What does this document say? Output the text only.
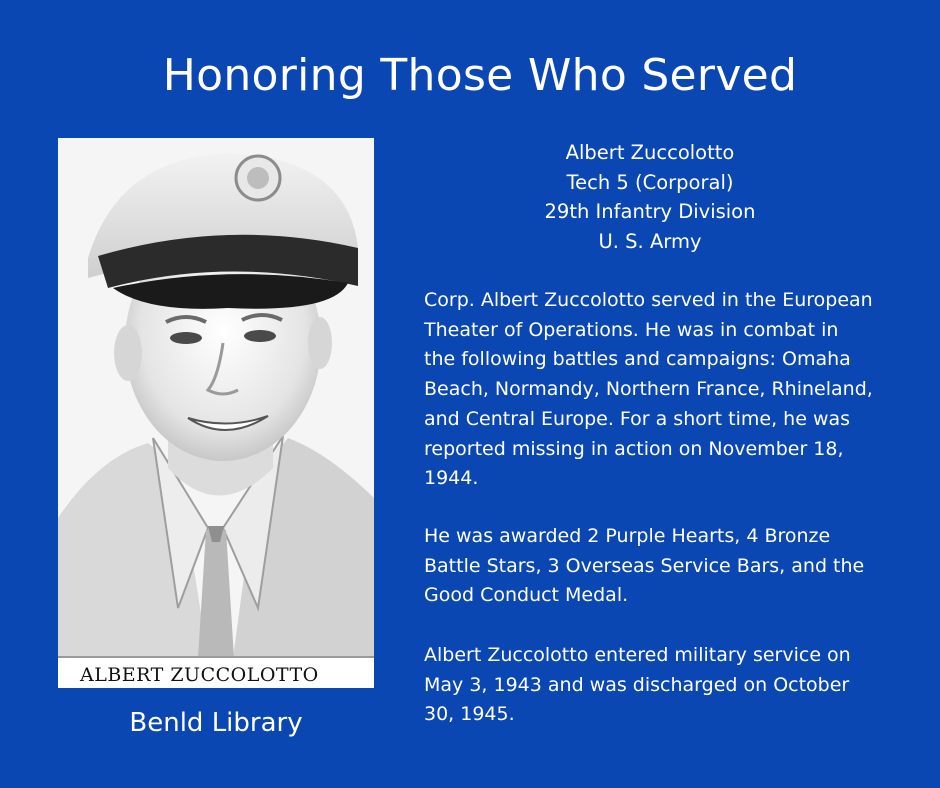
Honoring Those Who Served
ALBERT ZUCCOLOTTO
Benld Library
Albert Zuccolotto
Tech 5 (Corporal)
29th Infantry Division
U. S. Army

Corp. Albert Zuccolotto served in the European Theater of Operations. He was in combat in the following battles and campaigns: Omaha Beach, Normandy, Northern France, Rhineland, and Central Europe. For a short time, he was reported missing in action on November 18, 1944.

He was awarded 2 Purple Hearts, 4 Bronze Battle Stars, 3 Overseas Service Bars, and the Good Conduct Medal.

Albert Zuccolotto entered military service on May 3, 1943 and was discharged on October 30, 1945.
